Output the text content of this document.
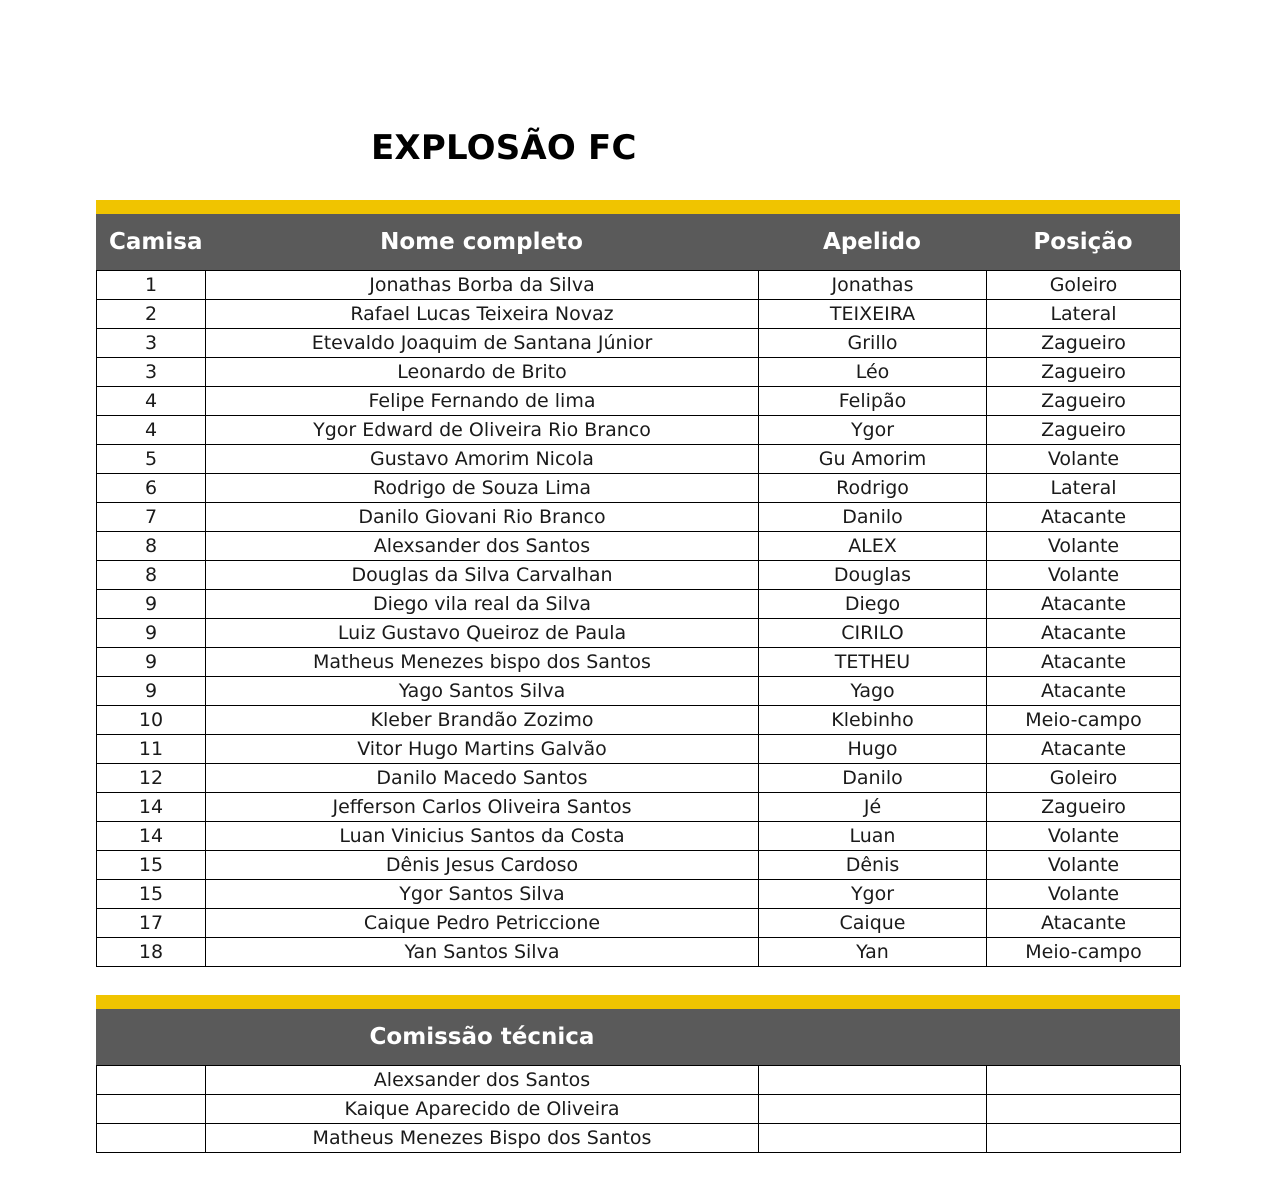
EXPLOSÃO FC
Camisa	Nome completo	Apelido	Posição
1	Jonathas Borba da Silva	Jonathas	Goleiro
2	Rafael Lucas Teixeira Novaz	TEIXEIRA	Lateral
3	Etevaldo Joaquim de Santana Júnior	Grillo	Zagueiro
3	Leonardo de Brito	Léo	Zagueiro
4	Felipe Fernando de lima	Felipão	Zagueiro
4	Ygor Edward de Oliveira Rio Branco	Ygor	Zagueiro
5	Gustavo Amorim Nicola	Gu Amorim	Volante
6	Rodrigo de Souza Lima	Rodrigo	Lateral
7	Danilo Giovani Rio Branco	Danilo	Atacante
8	Alexsander dos Santos	ALEX	Volante
8	Douglas da Silva Carvalhan	Douglas	Volante
9	Diego vila real da Silva	Diego	Atacante
9	Luiz Gustavo Queiroz de Paula	CIRILO	Atacante
9	Matheus Menezes bispo dos Santos	TETHEU	Atacante
9	Yago Santos Silva	Yago	Atacante
10	Kleber Brandão Zozimo	Klebinho	Meio-campo
11	Vitor Hugo Martins Galvão	Hugo	Atacante
12	Danilo Macedo Santos	Danilo	Goleiro
14	Jefferson Carlos Oliveira Santos	Jé	Zagueiro
14	Luan Vinicius Santos da Costa	Luan	Volante
15	Dênis Jesus Cardoso	Dênis	Volante
15	Ygor Santos Silva	Ygor	Volante
17	Caique Pedro Petriccione	Caique	Atacante
18	Yan Santos Silva	Yan	Meio-campo
Comissão técnica
	Alexsander dos Santos		
	Kaique Aparecido de Oliveira		
	Matheus Menezes Bispo dos Santos		
